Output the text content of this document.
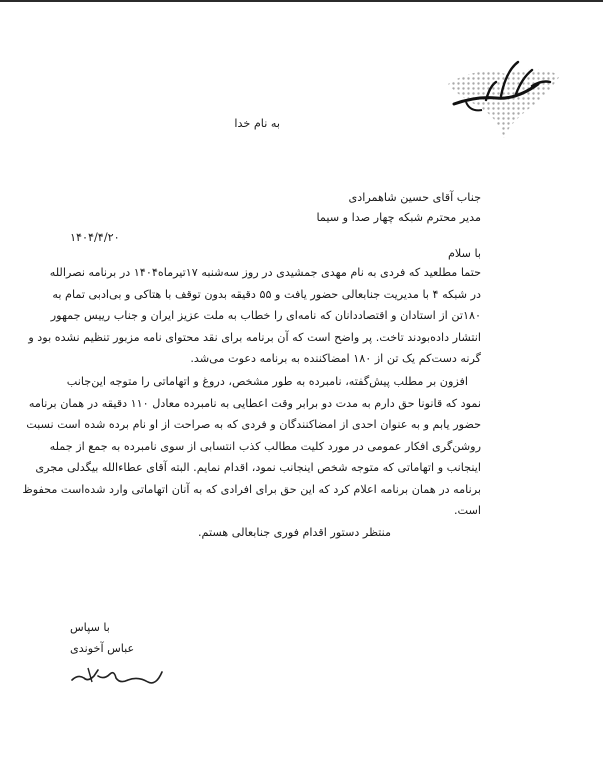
به نام خدا
جناب آقای حسین شاهمرادی
مدیر محترم شبکه چهار صدا و سیما
۱۴۰۴/۴/۲۰
با سلام
حتما مطلعید که فردی به نام مهدی جمشیدی در روز سه‌شنبه ۱۷تیرماه۱۴۰۴ در برنامه نصرالله
در شبکه ۴ با مدیریت جنابعالی حضور یافت و ۵۵ دقیقه بدون توقف با هتاکی و بی‌ادبی تمام به
۱۸۰تن از استادان و اقتصاددانان که نامه‌ای را خطاب به ملت عزیز ایران و جناب رییس جمهور
انتشار داده‌بودند تاخت. پر واضح است که آن برنامه برای نقد محتوای نامه مزبور تنظیم نشده بود و
گرنه دست‌کم یک تن از ۱۸۰ امضاکننده به برنامه دعوت می‌شد.
افزون بر مطلب پیش‌گفته، نامبرده به طور مشخص، دروغ و اتهاماتی را متوجه این‌جانب
نمود که قانونا حق دارم به مدت دو برابر وقت اعطایی به نامبرده معادل ۱۱۰ دقیقه در همان برنامه
حضور یابم و به عنوان احدی از امضاکنندگان و فردی که به صراحت از او نام برده شده است نسبت
روشن‌گری افکار عمومی در مورد کلیت مطالب کذب انتسابی از سوی نامبرده به جمع از جمله
اینجانب و اتهاماتی که متوجه شخص اینجانب نمود، اقدام نمایم. البته آقای عطاءالله بیگدلی مجری
برنامه در همان برنامه اعلام کرد که این حق برای افرادی که به آنان اتهاماتی وارد شده‌است محفوظ
است.
منتظر دستور اقدام فوری جنابعالی هستم.
با سپاس
عباس آخوندی
